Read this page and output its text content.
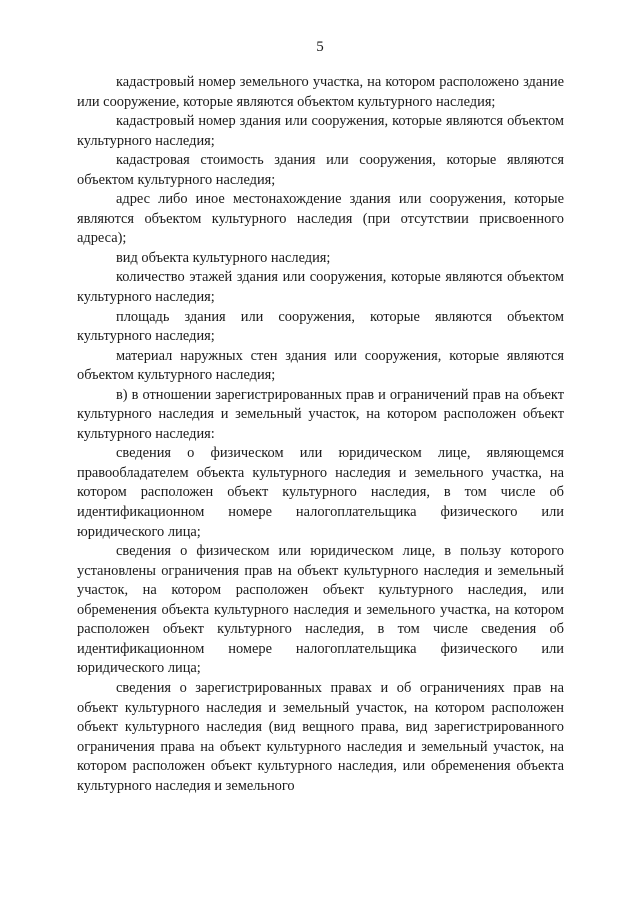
5

кадастровый номер земельного участка, на котором расположено здание или сооружение, которые являются объектом культурного наследия;

кадастровый номер здания или сооружения, которые являются объектом культурного наследия;

кадастровая стоимость здания или сооружения, которые являются объектом культурного наследия;

адрес либо иное местонахождение здания или сооружения, которые являются объектом культурного наследия (при отсутствии присвоенного адреса);

вид объекта культурного наследия;

количество этажей здания или сооружения, которые являются объектом культурного наследия;

площадь здания или сооружения, которые являются объектом культурного наследия;

материал наружных стен здания или сооружения, которые являются объектом культурного наследия;

в) в отношении зарегистрированных прав и ограничений прав на объект культурного наследия и земельный участок, на котором расположен объект культурного наследия:

сведения о физическом или юридическом лице, являющемся правообладателем объекта культурного наследия и земельного участка, на котором расположен объект культурного наследия, в том числе об идентификационном номере налогоплательщика физического или юридического лица;

сведения о физическом или юридическом лице, в пользу которого установлены ограничения прав на объект культурного наследия и земельный участок, на котором расположен объект культурного наследия, или обременения объекта культурного наследия и земельного участка, на котором расположен объект культурного наследия, в том числе сведения об идентификационном номере налогоплательщика физического или юридического лица;

сведения о зарегистрированных правах и об ограничениях прав на объект культурного наследия и земельный участок, на котором расположен объект культурного наследия (вид вещного права, вид зарегистрированного ограничения права на объект культурного наследия и земельный участок, на котором расположен объект культурного наследия, или обременения объекта культурного наследия и земельного
